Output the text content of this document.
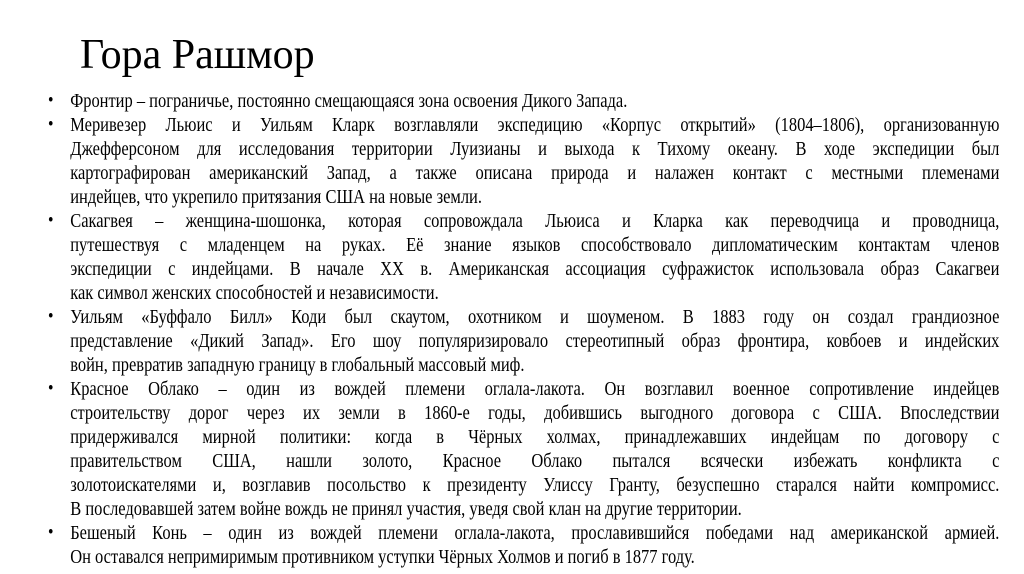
Гора Рашмор
• Фронтир – пограничье, постоянно смещающаяся зона освоения Дикого Запада.
• Меривезер Льюис и Уильям Кларк возглавляли экспедицию «Корпус открытий» (1804–1806), организованную
Джефферсоном для исследования территории Луизианы и выхода к Тихому океану. В ходе экспедиции был
картографирован американский Запад, а также описана природа и налажен контакт с местными племенами
индейцев, что укрепило притязания США на новые земли.
• Сакагвея – женщина-шошонка, которая сопровождала Льюиса и Кларка как переводчица и проводница,
путешествуя с младенцем на руках. Её знание языков способствовало дипломатическим контактам членов
экспедиции с индейцами. В начале XX в. Американская ассоциация суфражисток использовала образ Сакагвеи
как символ женских способностей и независимости.
• Уильям «Буффало Билл» Коди был скаутом, охотником и шоуменом. В 1883 году он создал грандиозное
представление «Дикий Запад». Его шоу популяризировало стереотипный образ фронтира, ковбоев и индейских
войн, превратив западную границу в глобальный массовый миф.
• Красное Облако – один из вождей племени оглала-лакота. Он возглавил военное сопротивление индейцев
строительству дорог через их земли в 1860-е годы, добившись выгодного договора с США. Впоследствии
придерживался мирной политики: когда в Чёрных холмах, принадлежавших индейцам по договору с
правительством США, нашли золото, Красное Облако пытался всячески избежать конфликта с
золотоискателями и, возглавив посольство к президенту Улиссу Гранту, безуспешно старался найти компромисс.
В последовавшей затем войне вождь не принял участия, уведя свой клан на другие территории.
• Бешеный Конь – один из вождей племени оглала-лакота, прославившийся победами над американской армией.
Он оставался непримиримым противником уступки Чёрных Холмов и погиб в 1877 году.
